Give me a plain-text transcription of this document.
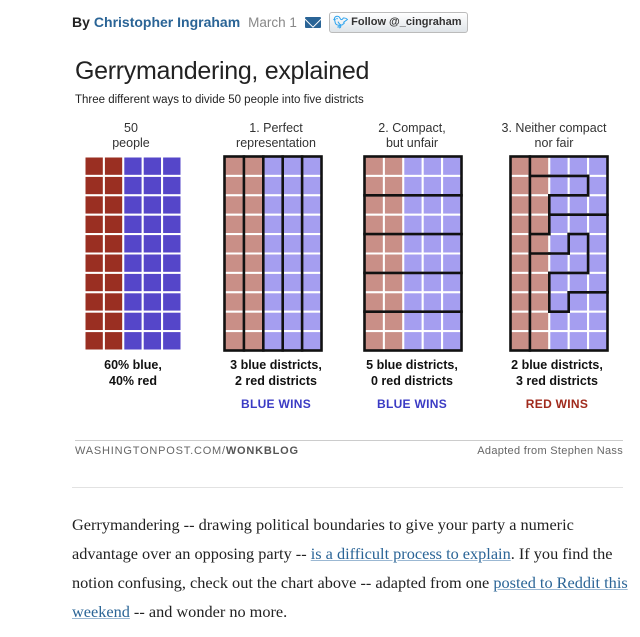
By Christopher Ingraham March 1	🐦︎ Follow @_cingraham
Gerrymandering, explained
Three different ways to divide 50 people into five districts
50
people
1. Perfect
representation
2. Compact,
but unfair
3. Neither compact
nor fair
60% blue,
40% red
3 blue districts,
2 red districts
5 blue districts,
0 red districts
2 blue districts,
3 red districts
BLUE WINS	BLUE WINS	RED WINS
WASHINGTONPOST.COM/WONKBLOG	Adapted from Stephen Nass
Gerrymandering -- drawing political boundaries to give your party a numeric advantage over an opposing party -- is a difficult process to explain. If you find the notion confusing, check out the chart above -- adapted from one posted to Reddit this weekend -- and wonder no more.
